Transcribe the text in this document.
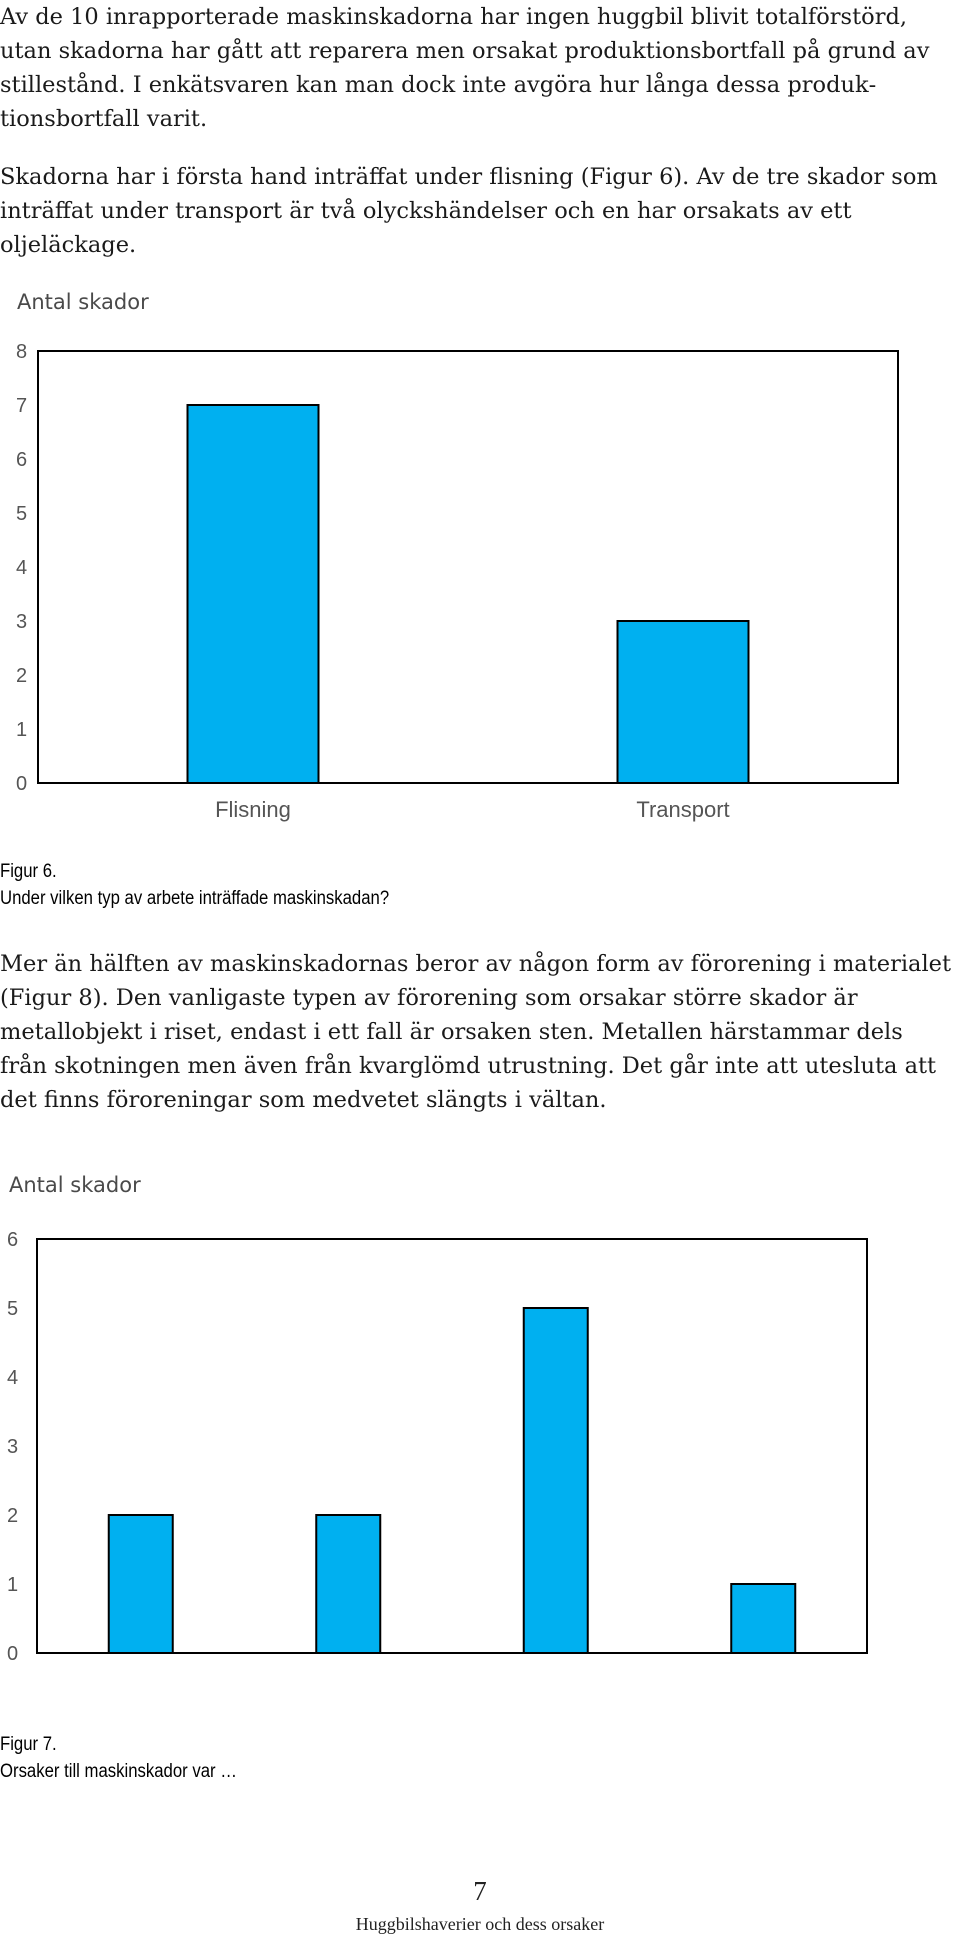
Av de 10 inrapporterade maskinskadorna har ingen huggbil blivit totalförstörd, utan skadorna har gått att reparera men orsakat produktionsbortfall på grund av stillestånd. I enkätsvaren kan man dock inte avgöra hur långa dessa produktionsbortfall varit.

Skadorna har i första hand inträffat under flisning (Figur 6). Av de tre skador som inträffat under transport är två olyckshändelser och en har orsakats av ett oljeläckage.

Antal skador
0
1
2
3
4
5
6
7
8
Flisning	Transport
Figur 6.
Under vilken typ av arbete inträffade maskinskadan?

Mer än hälften av maskinskadornas beror av någon form av förorening i materialet (Figur 8). Den vanligaste typen av förorening som orsakar större skador är metallobjekt i riset, endast i ett fall är orsaken sten. Metallen härstammar dels från skotningen men även från kvarglömd utrustning. Det går inte att utesluta att det finns föroreningar som medvetet slängts i vältan.

Antal skador
0
1
2
3
4
5
6
Figur 7.
Orsaker till maskinskador var …
7
Huggbilshaverier och dess orsaker
